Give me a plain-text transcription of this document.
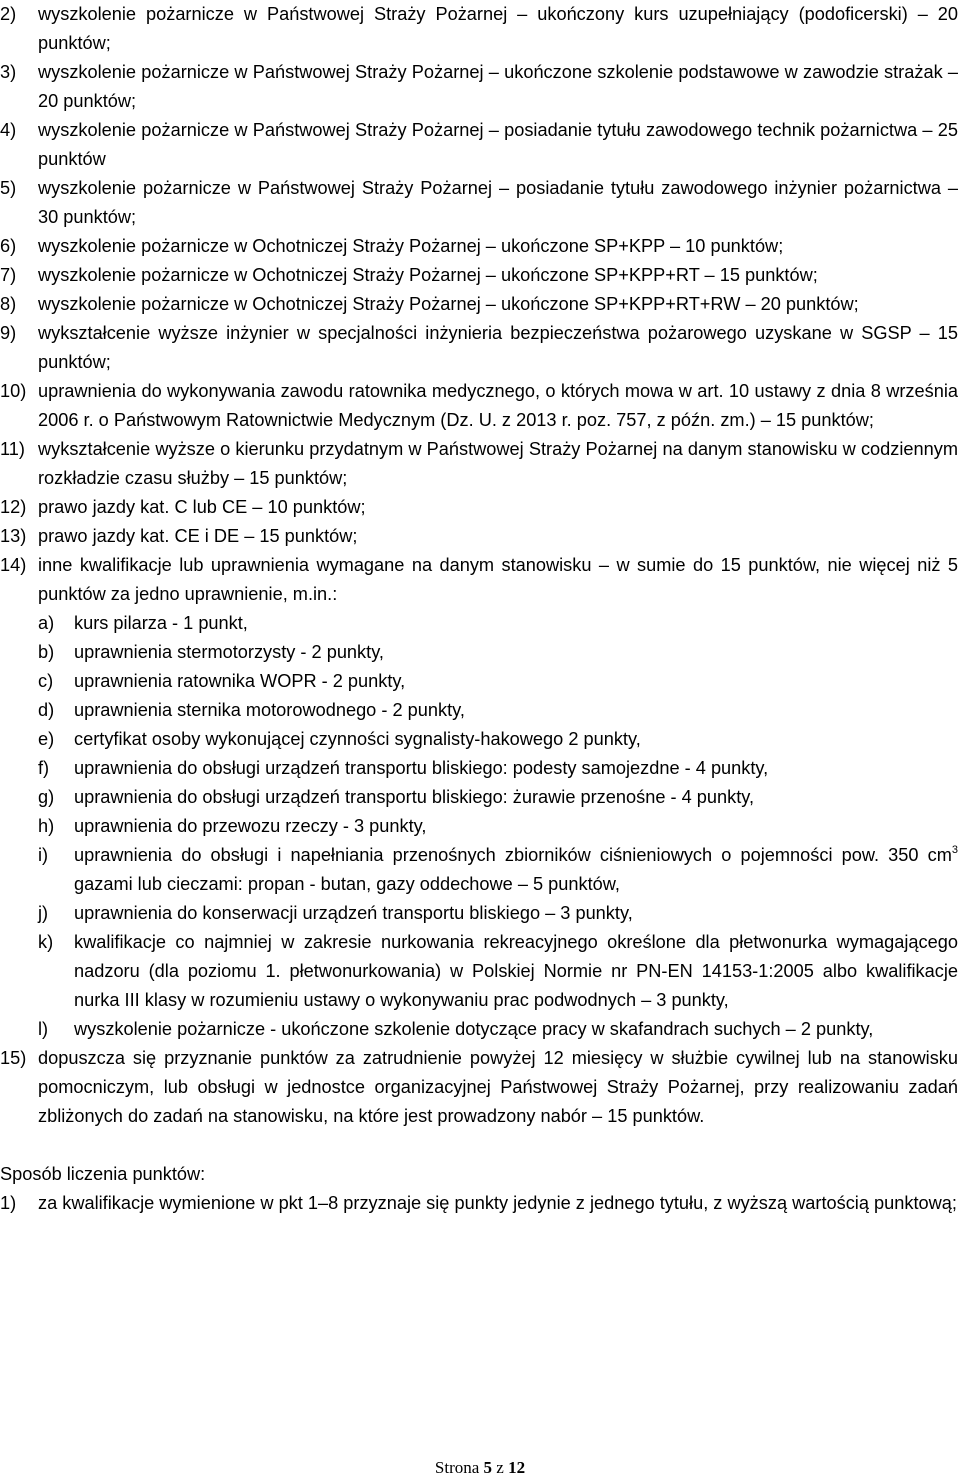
2) wyszkolenie pożarnicze w Państwowej Straży Pożarnej – ukończony kurs uzupełniający (podoficerski) – 20 punktów;
3) wyszkolenie pożarnicze w Państwowej Straży Pożarnej – ukończone szkolenie podstawowe w zawodzie strażak – 20 punktów;
4) wyszkolenie pożarnicze w Państwowej Straży Pożarnej – posiadanie tytułu zawodowego technik pożarnictwa – 25 punktów
5) wyszkolenie pożarnicze w Państwowej Straży Pożarnej – posiadanie tytułu zawodowego inżynier pożarnictwa – 30 punktów;
6) wyszkolenie pożarnicze w Ochotniczej Straży Pożarnej – ukończone SP+KPP – 10 punktów;
7) wyszkolenie pożarnicze w Ochotniczej Straży Pożarnej – ukończone SP+KPP+RT – 15 punktów;
8) wyszkolenie pożarnicze w Ochotniczej Straży Pożarnej – ukończone SP+KPP+RT+RW – 20 punktów;
9) wykształcenie wyższe inżynier w specjalności inżynieria bezpieczeństwa pożarowego uzyskane w SGSP – 15 punktów;
10) uprawnienia do wykonywania zawodu ratownika medycznego, o których mowa w art. 10 ustawy z dnia 8 września 2006 r. o Państwowym Ratownictwie Medycznym (Dz. U. z 2013 r. poz. 757, z późn. zm.) – 15 punktów;
11) wykształcenie wyższe o kierunku przydatnym w Państwowej Straży Pożarnej na danym stanowisku w codziennym rozkładzie czasu służby – 15 punktów;
12) prawo jazdy kat. C lub CE – 10 punktów;
13) prawo jazdy kat. CE i DE – 15 punktów;
14) inne kwalifikacje lub uprawnienia wymagane na danym stanowisku – w sumie do 15 punktów, nie więcej niż 5 punktów za jedno uprawnienie, m.in.:
a) kurs pilarza - 1 punkt,
b) uprawnienia stermotorzysty - 2 punkty,
c) uprawnienia ratownika WOPR - 2 punkty,
d) uprawnienia sternika motorowodnego - 2 punkty,
e) certyfikat osoby wykonującej czynności sygnalisty-hakowego 2 punkty,
f) uprawnienia do obsługi urządzeń transportu bliskiego: podesty samojezdne - 4 punkty,
g) uprawnienia do obsługi urządzeń transportu bliskiego: żurawie przenośne - 4 punkty,
h) uprawnienia do przewozu rzeczy - 3 punkty,
i) uprawnienia do obsługi i napełniania przenośnych zbiorników ciśnieniowych o pojemności pow. 350 $cm^3$ gazami lub cieczami: propan - butan, gazy oddechowe – 5 punktów,
j) uprawnienia do konserwacji urządzeń transportu bliskiego – 3 punkty,
k) kwalifikacje co najmniej w zakresie nurkowania rekreacyjnego określone dla płetwonurka wymagającego nadzoru (dla poziomu 1. płetwonurkowania) w Polskiej Normie nr PN-EN 14153-1:2005 albo kwalifikacje nurka III klasy w rozumieniu ustawy o wykonywaniu prac podwodnych – 3 punkty,
l) wyszkolenie pożarnicze - ukończone szkolenie dotyczące pracy w skafandrach suchych – 2 punkty,
15) dopuszcza się przyznanie punktów za zatrudnienie powyżej 12 miesięcy w służbie cywilnej lub na stanowisku pomocniczym, lub obsługi w jednostce organizacyjnej Państwowej Straży Pożarnej, przy realizowaniu zadań zbliżonych do zadań na stanowisku, na które jest prowadzony nabór – 15 punktów.
Sposób liczenia punktów:
1) za kwalifikacje wymienione w pkt 1–8 przyznaje się punkty jedynie z jednego tytułu, z wyższą wartością punktową;
Strona 5 z 12
